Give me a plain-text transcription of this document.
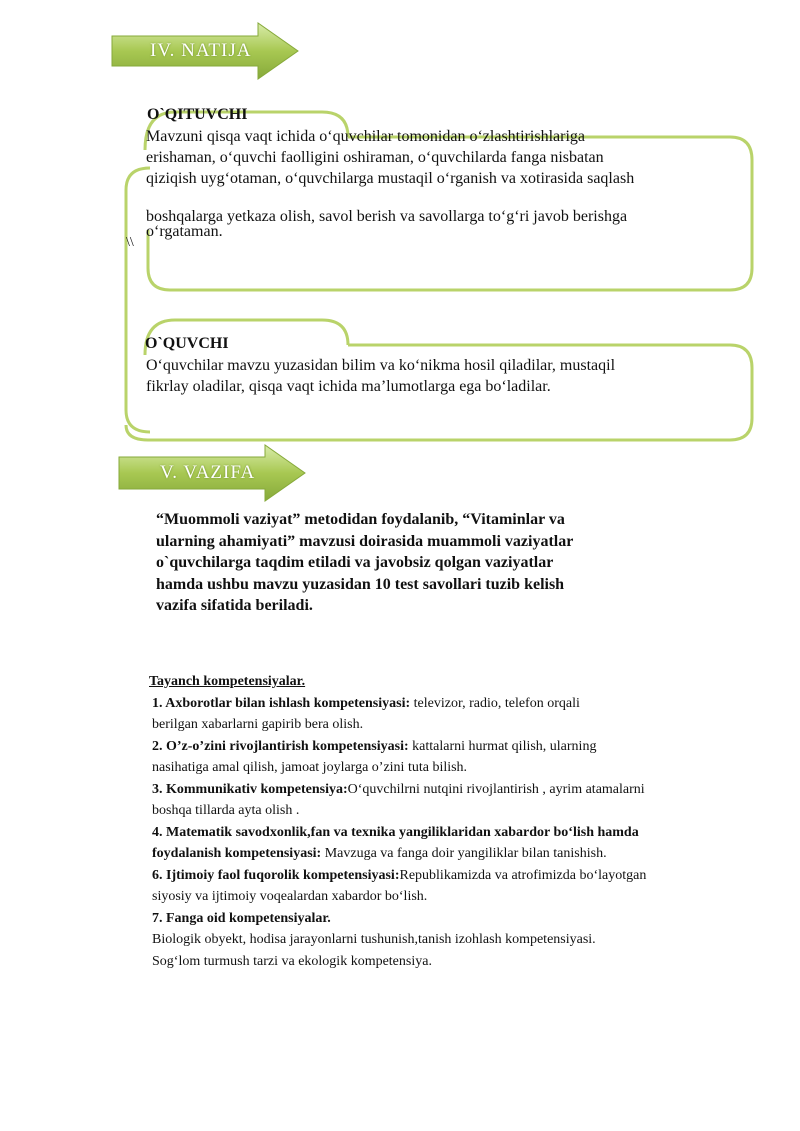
IV. NATIJA
O`QITUVCHI
Mavzuni qisqa vaqt ichida o‘quvchilar tomonidan o‘zlashtirishlariga
erishaman, o‘quvchi faolligini oshiraman, o‘quvchilarda fanga nisbatan
qiziqish uyg‘otaman, o‘quvchilarga mustaqil o‘rganish va xotirasida saqlash
boshqalarga yetkaza olish, savol berish va savollarga to‘g‘ri javob berishga
o‘rgataman.
\\
O`QUVCHI
O‘quvchilar mavzu yuzasidan bilim va ko‘nikma hosil qiladilar, mustaqil
fikrlay oladilar, qisqa vaqt ichida ma’lumotlarga ega bo‘ladilar.
V. VAZIFA
“Muommoli vaziyat” metodidan foydalanib, “Vitaminlar va
ularning ahamiyati” mavzusi doirasida muammoli vaziyatlar
o`quvchilarga taqdim etiladi va javobsiz qolgan vaziyatlar
hamda ushbu mavzu yuzasidan 10 test savollari tuzib kelish
vazifa sifatida beriladi.
Tayanch kompetensiyalar.
1. Axborotlar bilan ishlash kompetensiyasi: televizor, radio, telefon orqali
berilgan xabarlarni gapirib bera olish.
2. O’z-o’zini rivojlantirish kompetensiyasi: kattalarni hurmat qilish, ularning
nasihatiga amal qilish, jamoat joylarga o’zini tuta bilish.
3. Kommunikativ kompetensiya:O‘quvchilrni nutqini rivojlantirish , ayrim atamalarni
boshqa tillarda ayta olish .
4. Matematik savodxonlik,fan va texnika yangiliklaridan xabardor bo‘lish hamda
foydalanish kompetensiyasi: Mavzuga va fanga doir yangiliklar bilan tanishish.
6. Ijtimoiy faol fuqorolik kompetensiyasi:Republikamizda va atrofimizda bo‘layotgan
siyosiy va ijtimoiy voqealardan xabardor bo‘lish.
7. Fanga oid kompetensiyalar.
Biologik obyekt, hodisa jarayonlarni tushunish,tanish izohlash kompetensiyasi.
Sog‘lom turmush tarzi va ekologik kompetensiya.
